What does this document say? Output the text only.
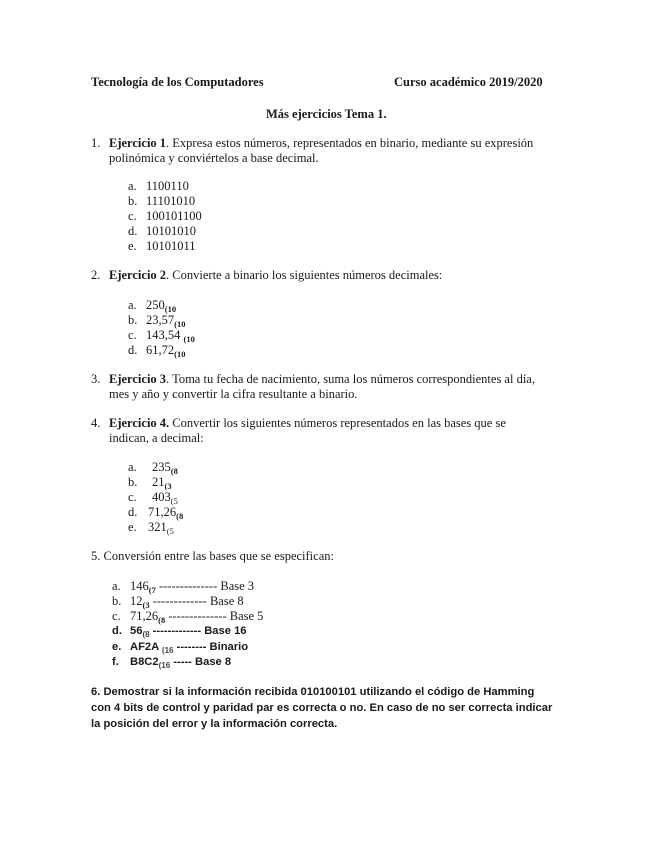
Tecnología de los Computadores	Curso académico 2019/2020
Más ejercicios Tema 1.
1. Ejercicio 1. Expresa estos números, representados en binario, mediante su expresión
polinómica y conviértelos a base decimal.
a. 1100110
b. 11101010
c. 100101100
d. 10101010
e. 10101011
2. Ejercicio 2. Convierte a binario los siguientes números decimales:
a. $250_{(10}$
b. $23,57_{(10}$
c. 143,54 $_{(10}$
d. $61,72_{(10}$
3. Ejercicio 3. Toma tu fecha de nacimiento, suma los números correspondientes al día,
mes y año y convertir la cifra resultante a binario.
4. Ejercicio 4. Convertir los siguientes números representados en las bases que se
indican, a decimal:
a. $235_{(8}$
b. $21_{(3}$
c. $403_{(5}$
d. $71,26_{(8}$
e. $321_{(5}$
5. Conversión entre las bases que se especifican:
a. $146_{(7}$ -------------- Base 3
b. $12_{(3}$ ------------- Base 8
c. $71,26_{(8}$ -------------- Base 5
d. $56_{(8}$ ------------- Base 16
e. AF2A $_{(16}$ -------- Binario
f. $B8C2_{(16}$ ----- Base 8
6. Demostrar si la información recibida 010100101 utilizando el código de Hamming
con 4 bits de control y paridad par es correcta o no. En caso de no ser correcta indicar
la posición del error y la información correcta.
